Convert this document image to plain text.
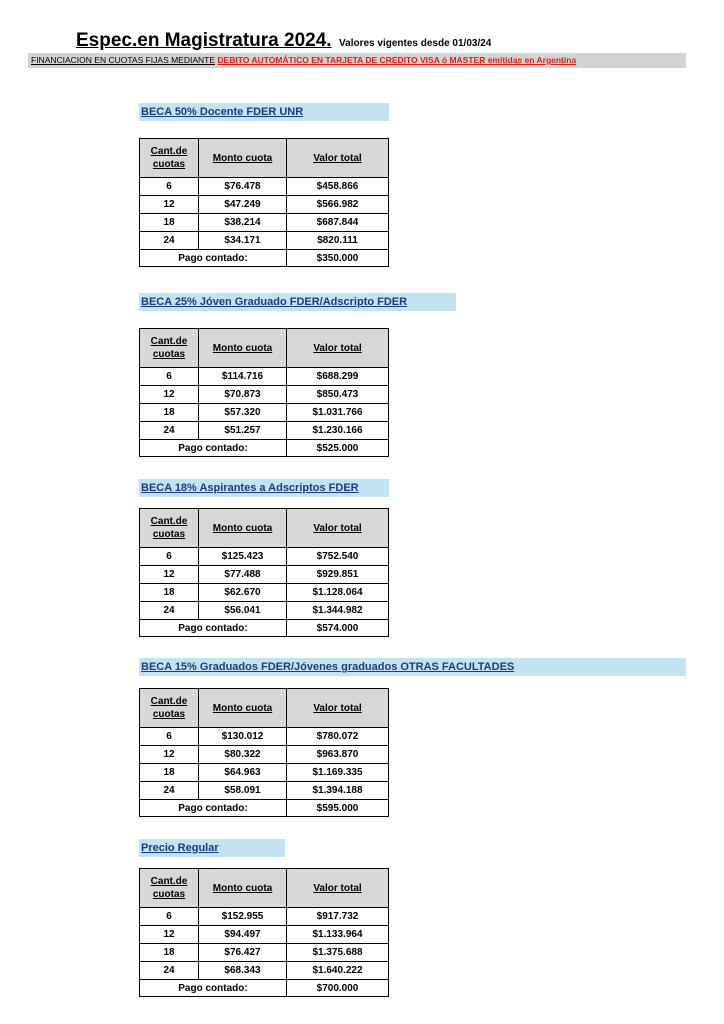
Espec.en Magistratura 2024. Valores vigentes desde 01/03/24
FINANCIACION EN CUOTAS FIJAS MEDIANTE DEBITO AUTOMÁTICO EN TARJETA DE CREDITO VISA ó MASTER emitidas en Argentina
BECA 50% Docente FDER UNR
Cant.de cuotas	Monto cuota	Valor total
6	$76.478	$458.866
12	$47.249	$566.982
18	$38.214	$687.844
24	$34.171	$820.111
Pago contado:		$350.000
BECA 25% Jóven Graduado FDER/Adscripto FDER
Cant.de cuotas	Monto cuota	Valor total
6	$114.716	$688.299
12	$70.873	$850.473
18	$57.320	$1.031.766
24	$51.257	$1.230.166
Pago contado:		$525.000
BECA 18% Aspirantes a Adscriptos FDER
Cant.de cuotas	Monto cuota	Valor total
6	$125.423	$752.540
12	$77.488	$929.851
18	$62.670	$1.128.064
24	$56.041	$1.344.982
Pago contado:		$574.000
BECA 15% Graduados FDER/Jóvenes graduados OTRAS FACULTADES
Cant.de cuotas	Monto cuota	Valor total
6	$130.012	$780.072
12	$80.322	$963.870
18	$64.963	$1.169.335
24	$58.091	$1.394.188
Pago contado:		$595.000
Precio Regular
Cant.de cuotas	Monto cuota	Valor total
6	$152.955	$917.732
12	$94.497	$1.133.964
18	$76.427	$1.375.688
24	$68.343	$1.640.222
Pago contado:		$700.000
